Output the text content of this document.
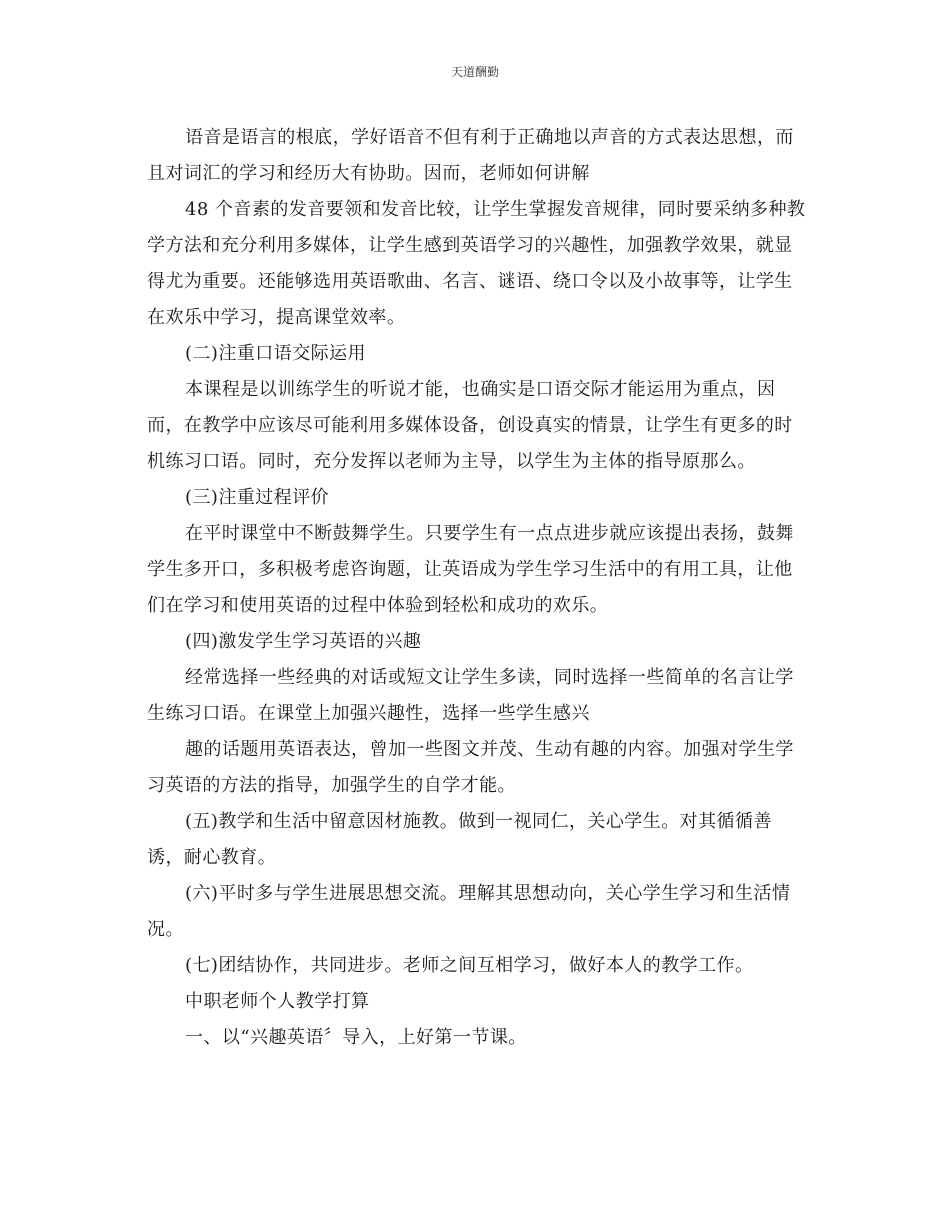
天道酬勤
语音是语言的根底，学好语音不但有利于正确地以声音的方式表达思想，而
且对词汇的学习和经历大有协助。因而，老师如何讲解
48 个音素的发音要领和发音比较，让学生掌握发音规律，同时要采纳多种教
学方法和充分利用多媒体，让学生感到英语学习的兴趣性，加强教学效果，就显
得尤为重要。还能够选用英语歌曲、名言、谜语、绕口令以及小故事等，让学生
在欢乐中学习，提高课堂效率。
(二)注重口语交际运用
本课程是以训练学生的听说才能，也确实是口语交际才能运用为重点，因
而，在教学中应该尽可能利用多媒体设备，创设真实的情景，让学生有更多的时
机练习口语。同时，充分发挥以老师为主导，以学生为主体的指导原那么。
(三)注重过程评价
在平时课堂中不断鼓舞学生。只要学生有一点点进步就应该提出表扬，鼓舞
学生多开口，多积极考虑咨询题，让英语成为学生学习生活中的有用工具，让他
们在学习和使用英语的过程中体验到轻松和成功的欢乐。
(四)激发学生学习英语的兴趣
经常选择一些经典的对话或短文让学生多读，同时选择一些简单的名言让学
生练习口语。在课堂上加强兴趣性，选择一些学生感兴
趣的话题用英语表达，曾加一些图文并茂、生动有趣的内容。加强对学生学
习英语的方法的指导，加强学生的自学才能。
(五)教学和生活中留意因材施教。做到一视同仁，关心学生。对其循循善
诱，耐心教育。
(六)平时多与学生进展思想交流。理解其思想动向，关心学生学习和生活情
况。
(七)团结协作，共同进步。老师之间互相学习，做好本人的教学工作。
中职老师个人教学打算
一、以“兴趣英语〞导入，上好第一节课。
